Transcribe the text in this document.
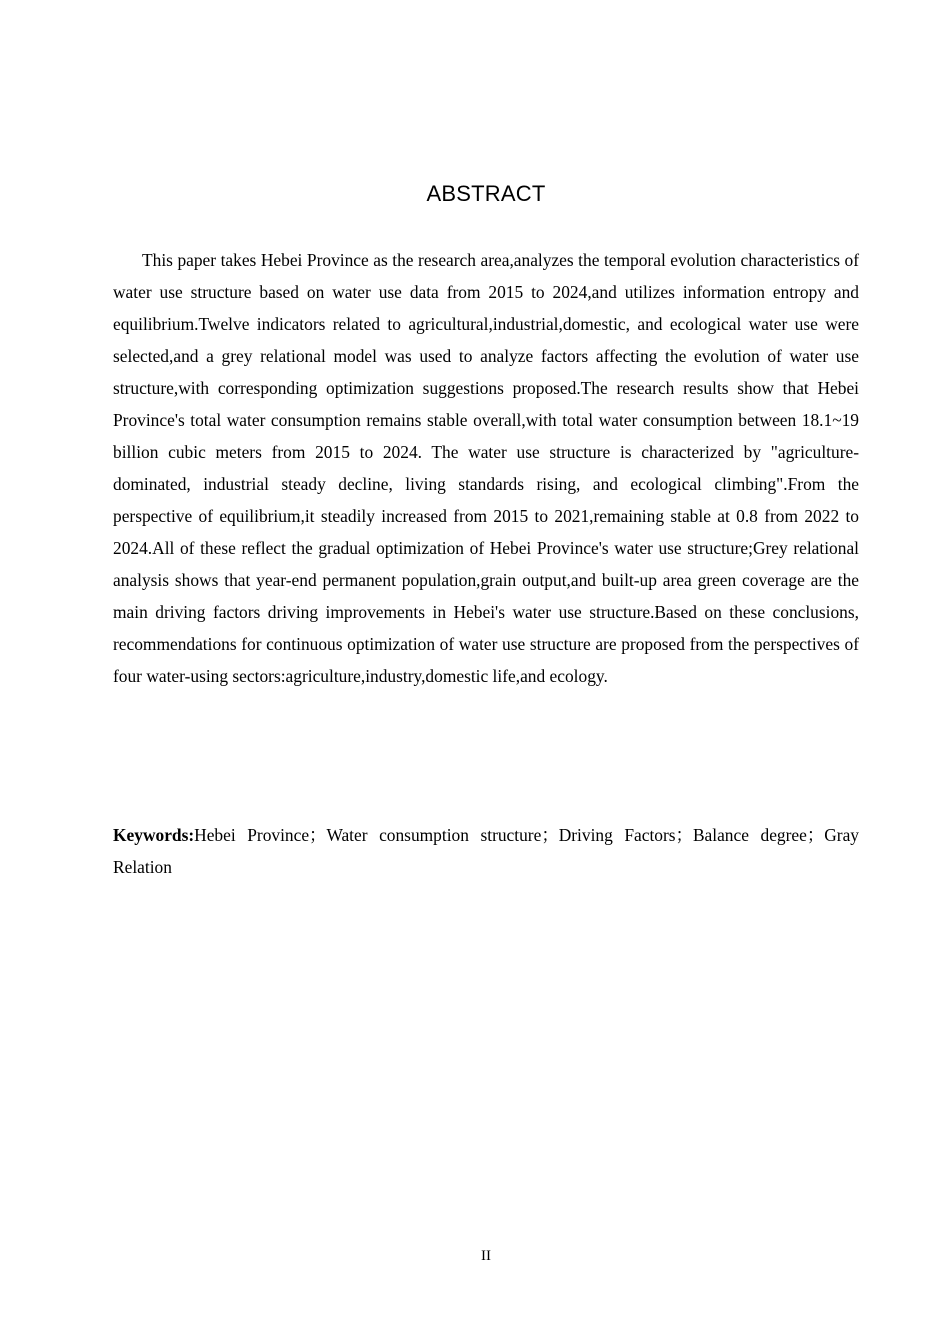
ABSTRACT

This paper takes Hebei Province as the research area,analyzes the temporal evolution characteristics of water use structure based on water use data from 2015 to 2024,and utilizes information entropy and equilibrium.Twelve indicators related to agricultural,industrial,domestic, and ecological water use were selected,and a grey relational model was used to analyze factors affecting the evolution of water use structure,with corresponding optimization suggestions proposed.The research results show that Hebei Province's total water consumption remains stable overall,with total water consumption between 18.1~19 billion cubic meters from 2015 to 2024. The water use structure is characterized by "agriculture-dominated, industrial steady decline, living standards rising, and ecological climbing".From the perspective of equilibrium,it steadily increased from 2015 to 2021,remaining stable at 0.8 from 2022 to 2024.All of these reflect the gradual optimization of Hebei Province's water use structure;Grey relational analysis shows that year-end permanent population,grain output,and built-up area green coverage are the main driving factors driving improvements in Hebei's water use structure.Based on these conclusions, recommendations for continuous optimization of water use structure are proposed from the perspectives of four water-using sectors:agriculture,industry,domestic life,and ecology.

Keywords:Hebei Province；Water consumption structure；Driving Factors；Balance degree；Gray Relation

II
